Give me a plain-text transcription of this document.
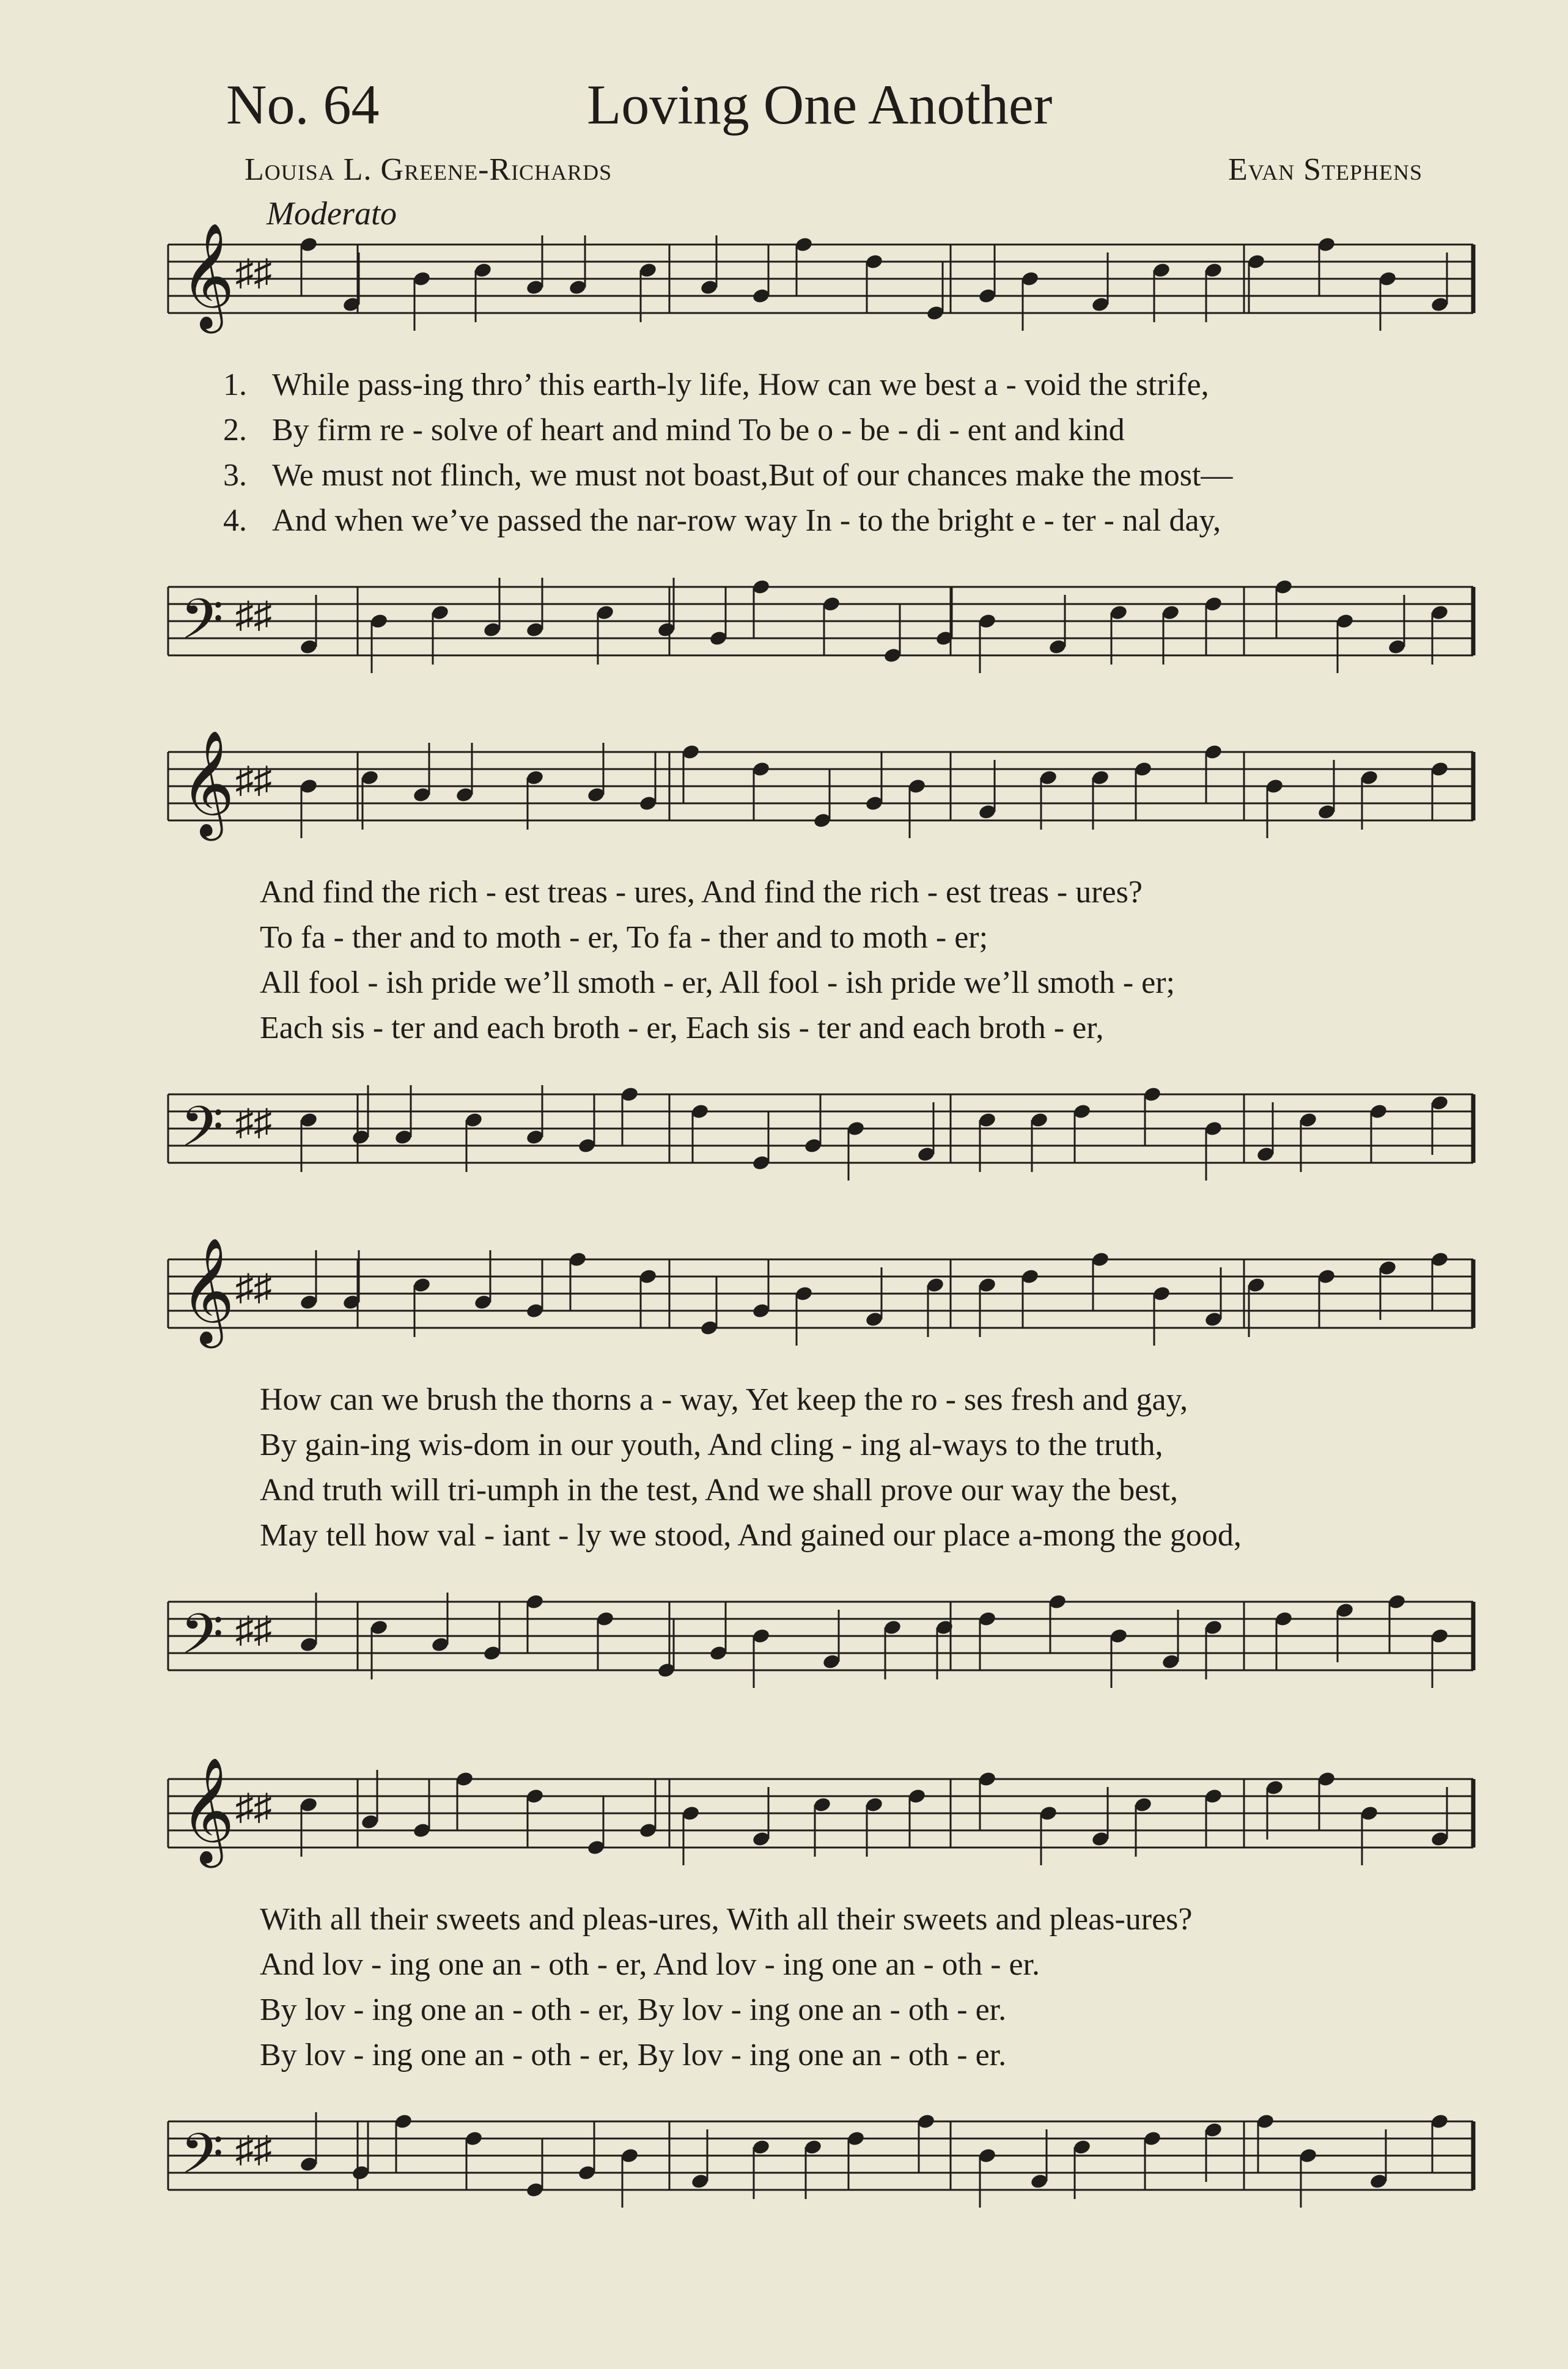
No. 64	Loving One Another
Louisa L. Greene-Richards	Evan Stephens
Moderato
𝄞 ♯♯
1. While pass-ing thro’ this earth-ly life, How can we best a - void the strife,
2. By firm re - solve of heart and mind To be o - be - di - ent and kind
3. We must not flinch, we must not boast,But of our chances make the most—
4. And when we’ve passed the nar-row way In - to the bright e - ter - nal day,
𝄢 ♯♯
𝄞 ♯♯
And find the rich - est treas - ures, And find the rich - est treas - ures?
To fa - ther and to moth - er, To fa - ther and to moth - er;
All fool - ish pride we’ll smoth - er, All fool - ish pride we’ll smoth - er;
Each sis - ter and each broth - er, Each sis - ter and each broth - er,
𝄢 ♯♯
𝄞 ♯♯
How can we brush the thorns a - way, Yet keep the ro - ses fresh and gay,
By gain-ing wis-dom in our youth, And cling - ing al-ways to the truth,
And truth will tri-umph in the test, And we shall prove our way the best,
May tell how val - iant - ly we stood, And gained our place a-mong the good,
𝄢 ♯♯
𝄞 ♯♯
With all their sweets and pleas-ures, With all their sweets and pleas-ures?
And lov - ing one an - oth - er, And lov - ing one an - oth - er.
By lov - ing one an - oth - er, By lov - ing one an - oth - er.
By lov - ing one an - oth - er, By lov - ing one an - oth - er.
𝄢 ♯♯
